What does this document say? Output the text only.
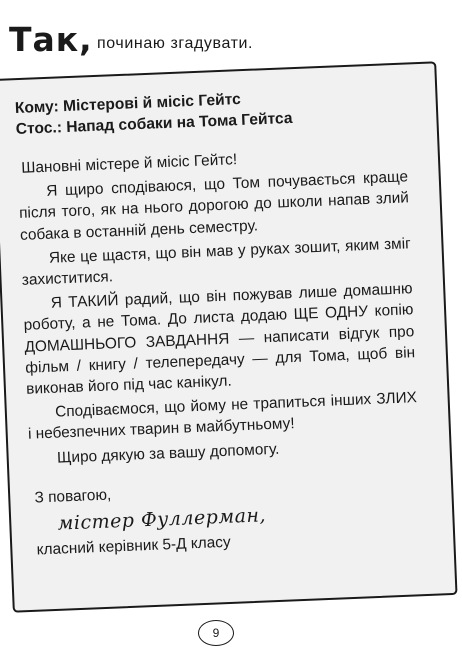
Так, починаю згадувати.

Кому: Містерові й місіс Гейтс

Стос.: Напад собаки на Тома Гейтса

Шановні містере й місіс Гейтс!

Я щиро сподіваюся, що Том почувається краще після того, як на нього дорогою до школи напав злий собака в останній день семестру.

Яке це щастя, що він мав у руках зошит, яким зміг захиститися.

Я ТАКИЙ радий, що він пожував лише домашню роботу, а не Тома. До листа додаю ЩЕ ОДНУ копію ДОМАШНЬОГО ЗАВДАННЯ — написати відгук про фільм / книгу / телепередачу — для Тома, щоб він виконав його під час канікул.

Сподіваємося, що йому не трапиться інших ЗЛИХ і небезпечних тварин в майбутньому!

Щиро дякую за вашу допомогу.

З повагою,

містер Фуллерман,

класний керівник 5-Д класу

9
